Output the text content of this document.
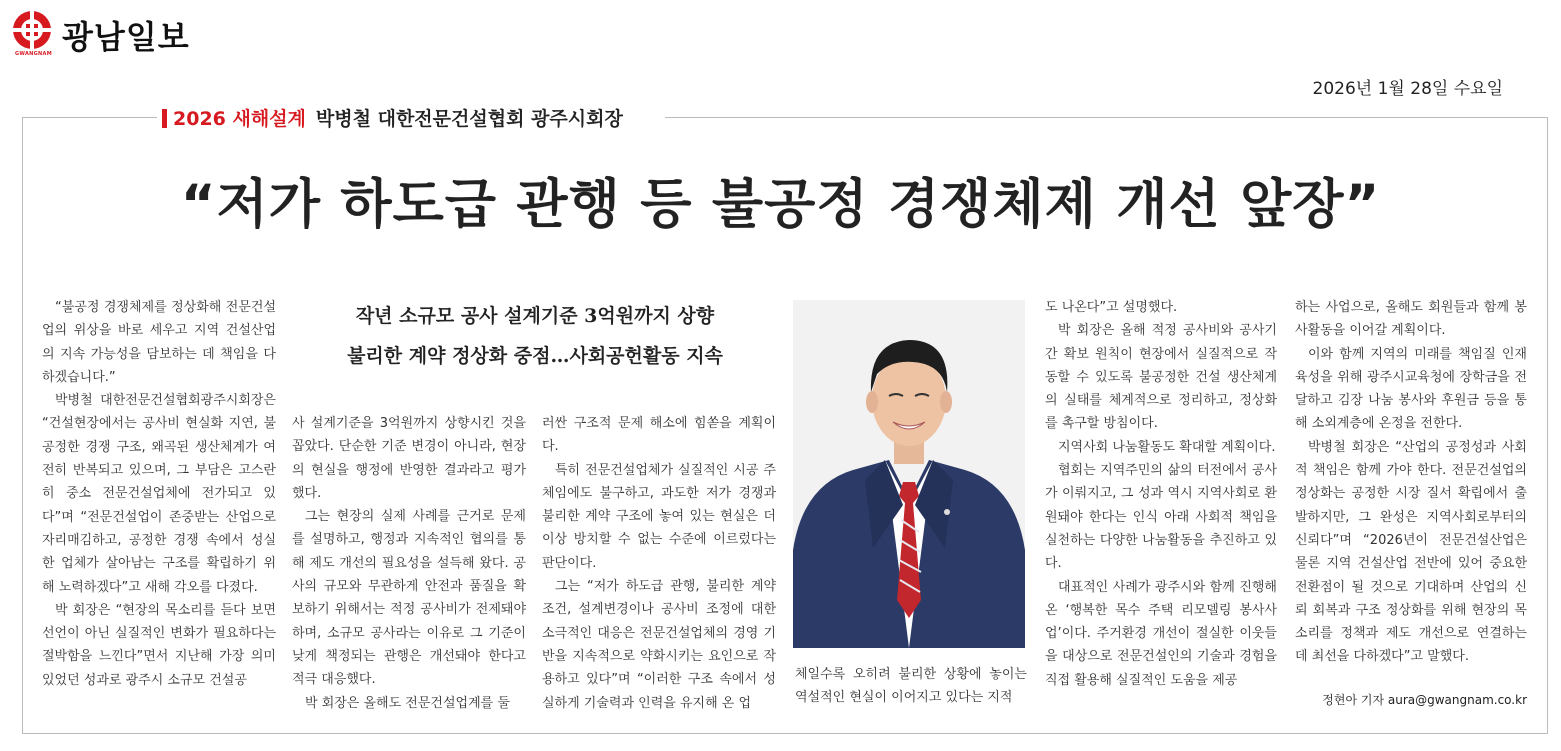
GWANGNAM 광남일보
2026년 1월 28일 수요일
2026 새해설계 박병철 대한전문건설협회 광주시회장
“저가 하도급 관행 등 불공정 경쟁체제 개선 앞장”
작년 소규모 공사 설계기준 3억원까지 상향
불리한 계약 정상화 중점…사회공헌활동 지속

“불공정 경쟁체제를 정상화해 전문건설업의 위상을 바로 세우고 지역 건설산업의 지속 가능성을 담보하는 데 책임을 다 하겠습니다.”

박병철 대한전문건설협회광주시회장은 “건설현장에서는 공사비 현실화 지연, 불공정한 경쟁 구조, 왜곡된 생산체계가 여전히 반복되고 있으며, 그 부담은 고스란히 중소 전문건설업체에 전가되고 있다”며 “전문건설업이 존중받는 산업으로 자리매김하고, 공정한 경쟁 속에서 성실한 업체가 살아남는 구조를 확립하기 위해 노력하겠다”고 새해 각오를 다졌다.

박 회장은 “현장의 목소리를 듣다 보면 선언이 아닌 실질적인 변화가 필요하다는 절박함을 느낀다”면서 지난해 가장 의미 있었던 성과로 광주시 소규모 건설공

사 설계기준을 3억원까지 상향시킨 것을 꼽았다. 단순한 기준 변경이 아니라, 현장의 현실을 행정에 반영한 결과라고 평가했다.

그는 현장의 실제 사례를 근거로 문제를 설명하고, 행정과 지속적인 협의를 통해 제도 개선의 필요성을 설득해 왔다. 공사의 규모와 무관하게 안전과 품질을 확보하기 위해서는 적정 공사비가 전제돼야 하며, 소규모 공사라는 이유로 그 기준이 낮게 책정되는 관행은 개선돼야 한다고 적극 대응했다.

박 회장은 올해도 전문건설업계를 둘

러싼 구조적 문제 해소에 힘쏟을 계획이다.

특히 전문건설업체가 실질적인 시공 주체임에도 불구하고, 과도한 저가 경쟁과 불리한 계약 구조에 놓여 있는 현실은 더 이상 방치할 수 없는 수준에 이르렀다는 판단이다.

그는 “저가 하도급 관행, 불리한 계약 조건, 설계변경이나 공사비 조정에 대한 소극적인 대응은 전문건설업체의 경영 기반을 지속적으로 약화시키는 요인으로 작용하고 있다”며 “이러한 구조 속에서 성실하게 기술력과 인력을 유지해 온 업

체일수록 오히려 불리한 상황에 놓이는 역설적인 현실이 이어지고 있다는 지적

도 나온다”고 설명했다.

박 회장은 올해 적정 공사비와 공사기간 확보 원칙이 현장에서 실질적으로 작동할 수 있도록 불공정한 건설 생산체계의 실태를 체계적으로 정리하고, 정상화를 촉구할 방침이다.

지역사회 나눔활동도 확대할 계획이다.

협회는 지역주민의 삶의 터전에서 공사가 이뤄지고, 그 성과 역시 지역사회로 환원돼야 한다는 인식 아래 사회적 책임을 실천하는 다양한 나눔활동을 추진하고 있다.

대표적인 사례가 광주시와 함께 진행해 온 ‘행복한 목수 주택 리모델링 봉사사업’이다. 주거환경 개선이 절실한 이웃들을 대상으로 전문건설인의 기술과 경험을 직접 활용해 실질적인 도움을 제공

하는 사업으로, 올해도 회원들과 함께 봉사활동을 이어갈 계획이다.

이와 함께 지역의 미래를 책임질 인재 육성을 위해 광주시교육청에 장학금을 전달하고 김장 나눔 봉사와 후원금 등을 통해 소외계층에 온정을 전한다.

박병철 회장은 “산업의 공정성과 사회적 책임은 함께 가야 한다. 전문건설업의 정상화는 공정한 시장 질서 확립에서 출발하지만, 그 완성은 지역사회로부터의 신뢰다”며 “2026년이 전문건설산업은 물론 지역 건설산업 전반에 있어 중요한 전환점이 될 것으로 기대하며 산업의 신뢰 회복과 구조 정상화를 위해 현장의 목소리를 정책과 제도 개선으로 연결하는 데 최선을 다하겠다”고 말했다.

정현아 기자 aura@gwangnam.co.kr
